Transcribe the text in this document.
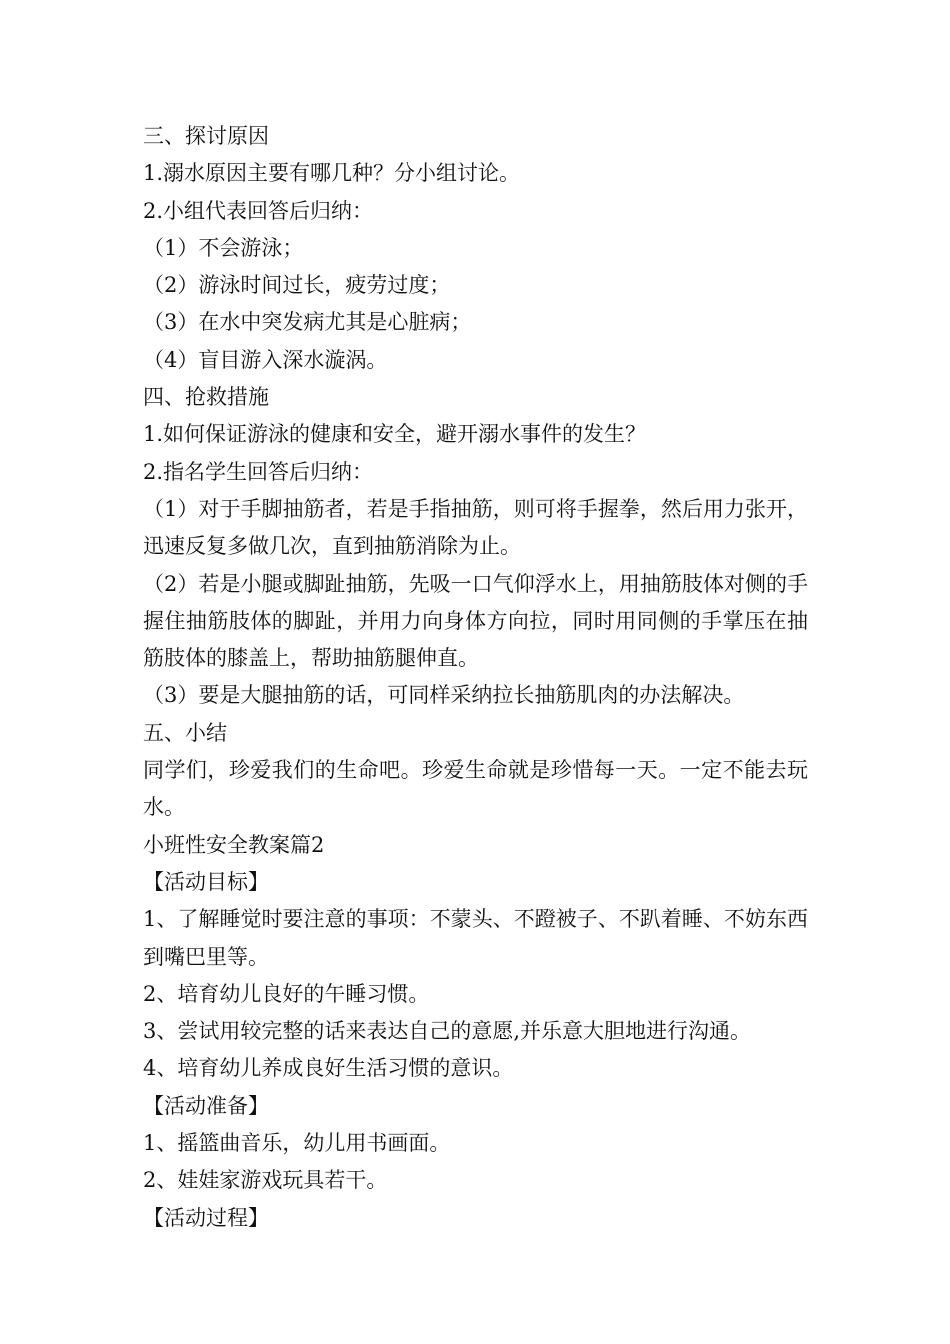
三、探讨原因

1.溺水原因主要有哪几种？分小组讨论。

2.小组代表回答后归纳：

（1）不会游泳；

（2）游泳时间过长，疲劳过度；

（3）在水中突发病尤其是心脏病；

（4）盲目游入深水漩涡。

四、抢救措施

1.如何保证游泳的健康和安全，避开溺水事件的发生？

2.指名学生回答后归纳：

（1）对于手脚抽筋者，若是手指抽筋，则可将手握拳，然后用力张开，迅速反复多做几次，直到抽筋消除为止。

（2）若是小腿或脚趾抽筋，先吸一口气仰浮水上，用抽筋肢体对侧的手握住抽筋肢体的脚趾，并用力向身体方向拉，同时用同侧的手掌压在抽筋肢体的膝盖上，帮助抽筋腿伸直。

（3）要是大腿抽筋的话，可同样采纳拉长抽筋肌肉的办法解决。

五、小结

同学们，珍爱我们的生命吧。珍爱生命就是珍惜每一天。一定不能去玩水。

小班性安全教案篇2

【活动目标】

1、了解睡觉时要注意的事项：不蒙头、不蹬被子、不趴着睡、不妨东西到嘴巴里等。

2、培育幼儿良好的午睡习惯。

3、尝试用较完整的话来表达自己的意愿,并乐意大胆地进行沟通。

4、培育幼儿养成良好生活习惯的意识。

【活动准备】

1、摇篮曲音乐，幼儿用书画面。

2、娃娃家游戏玩具若干。

【活动过程】
